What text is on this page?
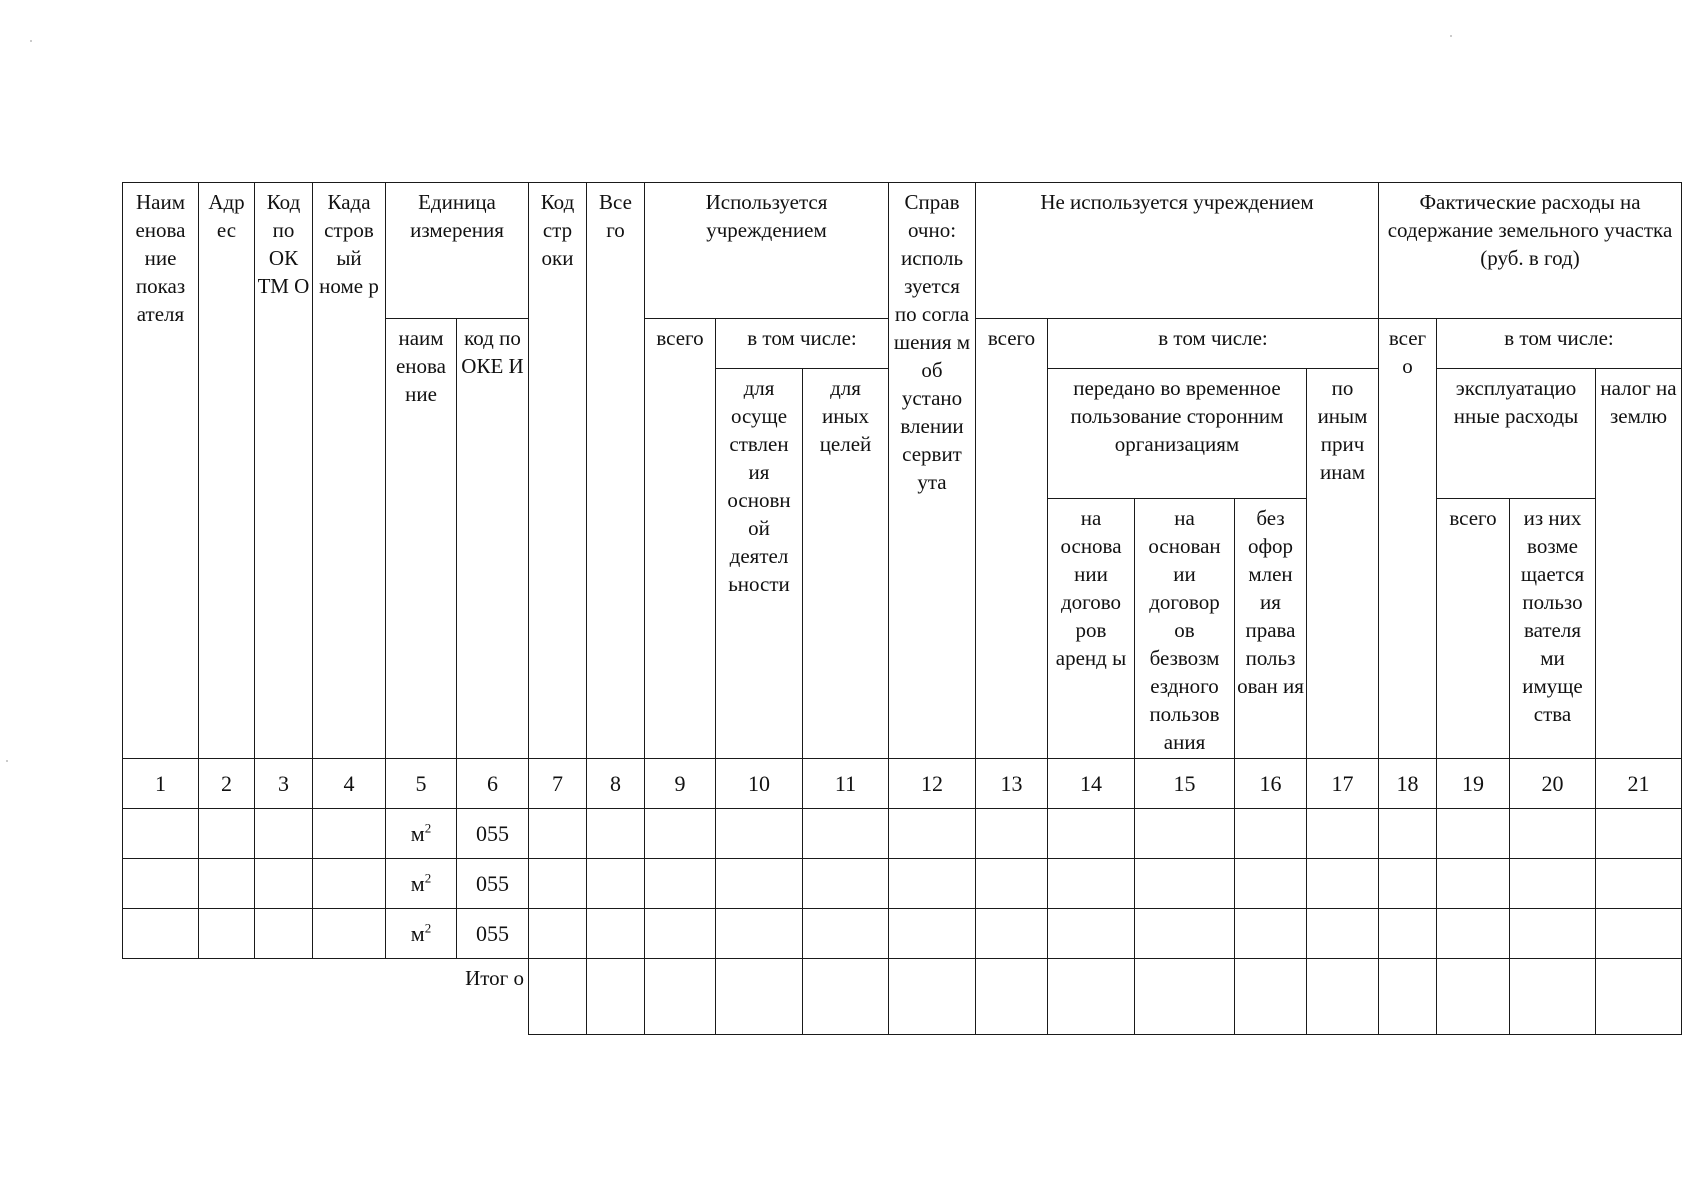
Наим енова ние показ ателя	Адр ес	Код по ОК ТМ О	Када стров ый номе р	Единица измерения		Код стр оки	Все го	Используется учреждением			Справ очно: исполь зуется по согла шения м об устано влении сервит ута	Не используется учреждением					Фактические расходы на содержание земельного участка (руб. в год)			
				наим енова ние	код по ОКЕ И			всего	в том числе:			всего	в том числе:				всег о	в том числе:		
									для осуще ствлен ия основн ой деятел ьности	для иных целей			передано во временное пользование сторонним организациям			по иным прич инам		эксплуатацио нные расходы		налог на землю
													на основа нии догово ров аренд ы	на основан ии договор ов безвозм ездного пользов ания	без офор млен ия права польз ован ия			всего	из них возме щается пользо вателя ми имуще ства	

1	2	3	4	5	6	7	8	9	10	11	12	13	14	15	16	17	18	19	20	21
				$м^2$	055															
				$м^2$	055															
				$м^2$	055															
					Итог о															
